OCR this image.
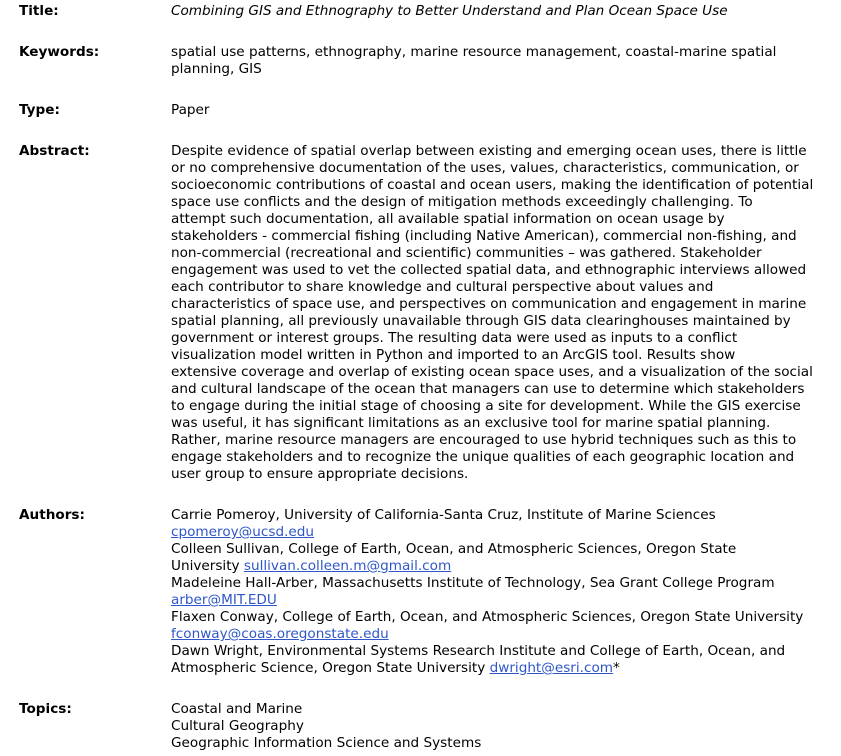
Title:	Combining GIS and Ethnography to Better Understand and Plan Ocean Space Use
Keywords:	spatial use patterns, ethnography, marine resource management, coastal-marine spatial
planning, GIS
Type:	Paper
Abstract:	Despite evidence of spatial overlap between existing and emerging ocean uses, there is little
or no comprehensive documentation of the uses, values, characteristics, communication, or
socioeconomic contributions of coastal and ocean users, making the identification of potential
space use conflicts and the design of mitigation methods exceedingly challenging. To
attempt such documentation, all available spatial information on ocean usage by
stakeholders - commercial fishing (including Native American), commercial non-fishing, and
non-commercial (recreational and scientific) communities – was gathered. Stakeholder
engagement was used to vet the collected spatial data, and ethnographic interviews allowed
each contributor to share knowledge and cultural perspective about values and
characteristics of space use, and perspectives on communication and engagement in marine
spatial planning, all previously unavailable through GIS data clearinghouses maintained by
government or interest groups. The resulting data were used as inputs to a conflict
visualization model written in Python and imported to an ArcGIS tool. Results show
extensive coverage and overlap of existing ocean space uses, and a visualization of the social
and cultural landscape of the ocean that managers can use to determine which stakeholders
to engage during the initial stage of choosing a site for development. While the GIS exercise
was useful, it has significant limitations as an exclusive tool for marine spatial planning.
Rather, marine resource managers are encouraged to use hybrid techniques such as this to
engage stakeholders and to recognize the unique qualities of each geographic location and
user group to ensure appropriate decisions.
Authors:	Carrie Pomeroy, University of California-Santa Cruz, Institute of Marine Sciences
cpomeroy@ucsd.edu
Colleen Sullivan, College of Earth, Ocean, and Atmospheric Sciences, Oregon State
University sullivan.colleen.m@gmail.com
Madeleine Hall-Arber, Massachusetts Institute of Technology, Sea Grant College Program
arber@MIT.EDU
Flaxen Conway, College of Earth, Ocean, and Atmospheric Sciences, Oregon State University
fconway@coas.oregonstate.edu
Dawn Wright, Environmental Systems Research Institute and College of Earth, Ocean, and
Atmospheric Science, Oregon State University dwright@esri.com*
Topics:	Coastal and Marine
Cultural Geography
Geographic Information Science and Systems
